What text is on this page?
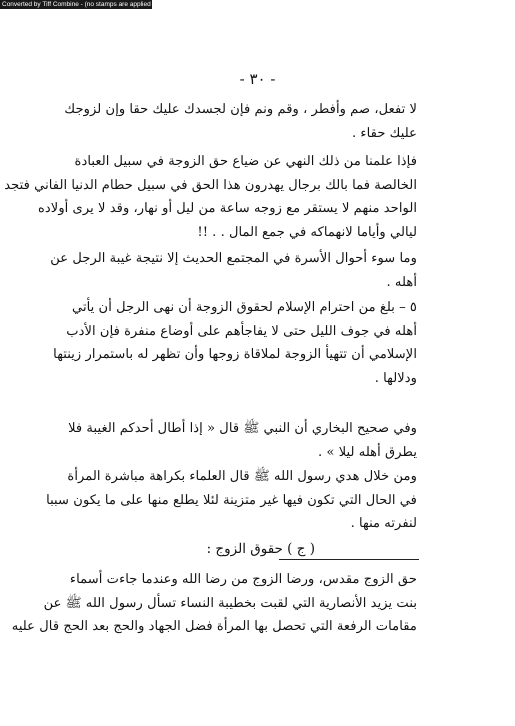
Converted by Tiff Combine - (no stamps are applied by registered version)
- ٣٠ -
لا تفعل، صم وأفطر ، وقم ونم فإن لجسدك عليك حقا وإن لزوجك
عليك حقاء .
فإذا علمنا من ذلك النهي عن ضياع حق الزوجة في سبيل العبادة
الخالصة فما بالك برجال يهدرون هذا الحق في سبيل حطام الدنيا الفاني فتجد
الواحد منهم لا يستقر مع زوجه ساعة من ليل أو نهار، وقد لا يرى أولاده
ليالي وأياما لانهماكه في جمع المال . . !!
وما سوء أحوال الأسرة في المجتمع الحديث إلا نتيجة غيبة الرجل عن
أهله .
٥ – بلغ من احترام الإسلام لحقوق الزوجة أن نهى الرجل أن يأتي
أهله في جوف الليل حتى لا يفاجأهم على أوضاع منفرة فإن الأدب
الإسلامي أن تتهيأ الزوجة لملاقاة زوجها وأن تظهر له باستمرار زينتها
ودلالها .
وفي صحيح البخاري أن النبي ﷺ قال « إذا أطال أحدكم الغيبة فلا
يطرق أهله ليلا » .
ومن خلال هدي رسول الله ﷺ قال العلماء بكراهة مباشرة المرأة
في الحال التي تكون فيها غير متزينة لئلا يطلع منها على ما يكون سببا
لنفرته منها .
( ج ) حقوق الزوج :
حق الزوج مقدس، ورضا الزوج من رضا الله وعندما جاءت أسماء
بنت يزيد الأنصارية التي لقبت بخطيبة النساء تسأل رسول الله ﷺ عن
مقامات الرفعة التي تحصل بها المرأة فضل الجهاد والحج بعد الحج قال عليه
